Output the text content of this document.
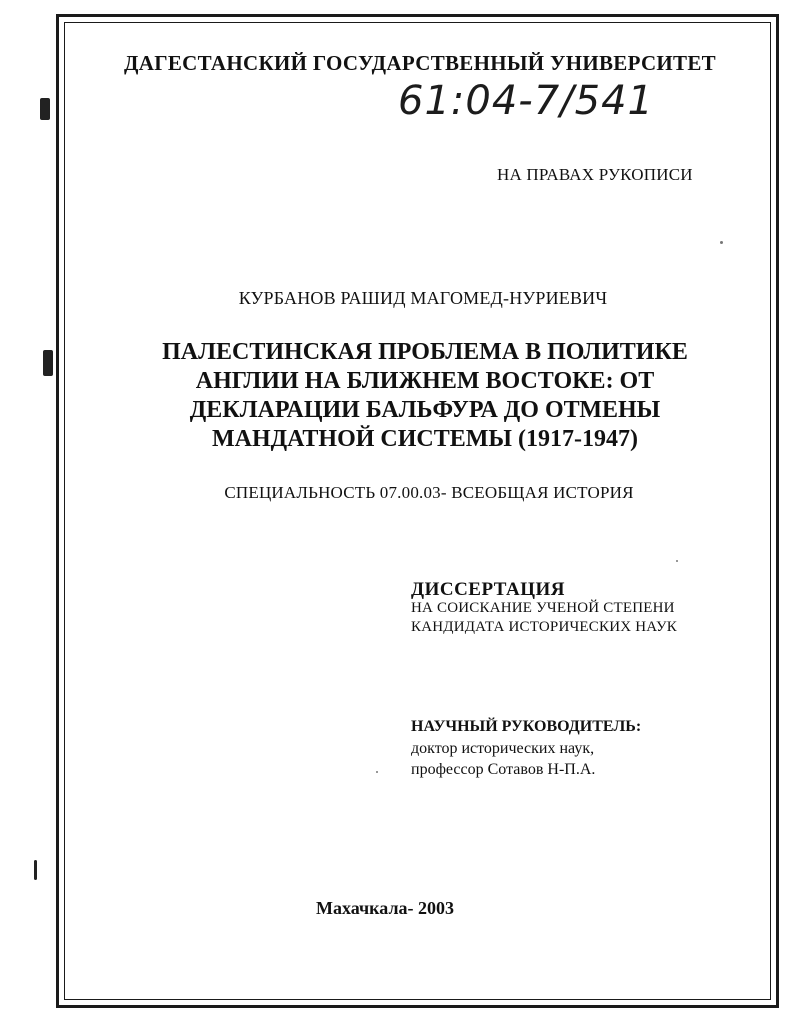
ДАГЕСТАНСКИЙ ГОСУДАРСТВЕННЫЙ УНИВЕРСИТЕТ
61:04-7/541
НА ПРАВАХ РУКОПИСИ
КУРБАНОВ РАШИД МАГОМЕД-НУРИЕВИЧ
ПАЛЕСТИНСКАЯ ПРОБЛЕМА В ПОЛИТИКЕ
АНГЛИИ НА БЛИЖНЕМ ВОСТОКЕ: ОТ
ДЕКЛАРАЦИИ БАЛЬФУРА ДО ОТМЕНЫ
МАНДАТНОЙ СИСТЕМЫ (1917-1947)
СПЕЦИАЛЬНОСТЬ 07.00.03- ВСЕОБЩАЯ ИСТОРИЯ
ДИССЕРТАЦИЯ
НА СОИСКАНИЕ УЧЕНОЙ СТЕПЕНИ
КАНДИДАТА ИСТОРИЧЕСКИХ НАУК
НАУЧНЫЙ РУКОВОДИТЕЛЬ:
доктор исторических наук,
профессор Сотавов Н-П.А.
Махачкала- 2003
